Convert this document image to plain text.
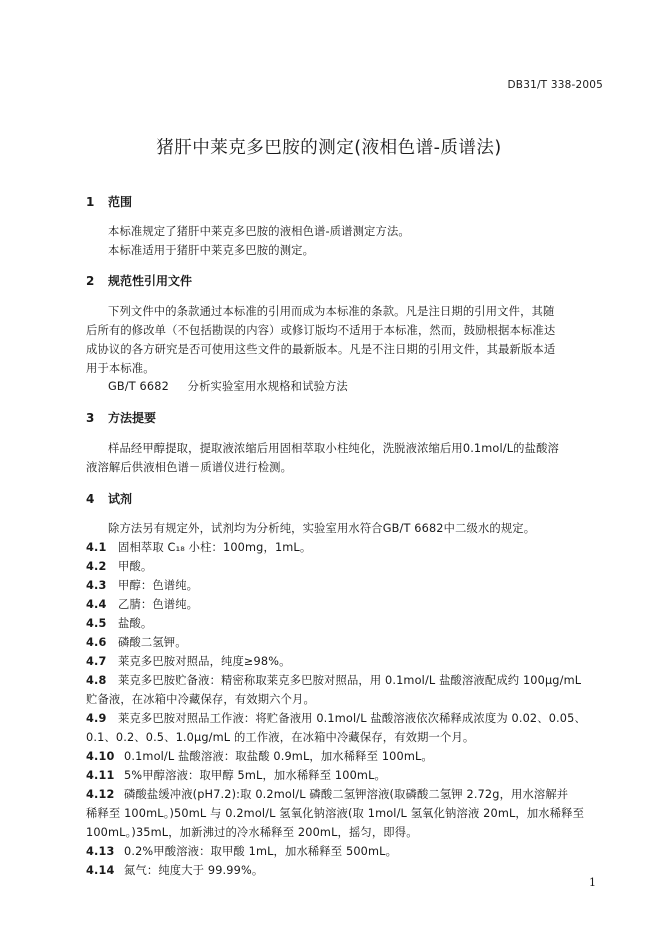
DB31/T 338-2005
猪肝中莱克多巴胺的测定(液相色谱-质谱法)
1 范围
本标准规定了猪肝中莱克多巴胺的液相色谱-质谱测定方法。
本标准适用于猪肝中莱克多巴胺的测定。
2 规范性引用文件
下列文件中的条款通过本标准的引用而成为本标准的条款。凡是注日期的引用文件，其随
后所有的修改单（不包括勘误的内容）或修订版均不适用于本标准，然而，鼓励根据本标准达
成协议的各方研究是否可使用这些文件的最新版本。凡是不注日期的引用文件，其最新版本适
用于本标准。
GB/T 6682 分析实验室用水规格和试验方法
3 方法提要
样品经甲醇提取，提取液浓缩后用固相萃取小柱纯化，洗脱液浓缩后用0.1mol/L的盐酸溶
液溶解后供液相色谱－质谱仪进行检测。
4 试剂
除方法另有规定外，试剂均为分析纯，实验室用水符合GB/T 6682中二级水的规定。
4.1 固相萃取 C₁₈ 小柱：100mg，1mL。
4.2 甲酸。
4.3 甲醇：色谱纯。
4.4 乙腈：色谱纯。
4.5 盐酸。
4.6 磷酸二氢钾。
4.7 莱克多巴胺对照品，纯度≥98%。
4.8 莱克多巴胺贮备液：精密称取莱克多巴胺对照品，用 0.1mol/L 盐酸溶液配成约 100μg/mL
贮备液，在冰箱中冷藏保存，有效期六个月。
4.9 莱克多巴胺对照品工作液：将贮备液用 0.1mol/L 盐酸溶液依次稀释成浓度为 0.02、0.05、
0.1、0.2、0.5、1.0μg/mL 的工作液，在冰箱中冷藏保存，有效期一个月。
4.10 0.1mol/L 盐酸溶液：取盐酸 0.9mL，加水稀释至 100mL。
4.11 5%甲醇溶液：取甲醇 5mL，加水稀释至 100mL。
4.12 磷酸盐缓冲液(pH7.2):取 0.2mol/L 磷酸二氢钾溶液(取磷酸二氢钾 2.72g，用水溶解并
稀释至 100mL。)50mL 与 0.2mol/L 氢氧化钠溶液(取 1mol/L 氢氧化钠溶液 20mL，加水稀释至
100mL。)35mL，加新沸过的冷水稀释至 200mL，摇匀，即得。
4.13 0.2%甲酸溶液：取甲酸 1mL，加水稀释至 500mL。
4.14 氮气：纯度大于 99.99%。
1
